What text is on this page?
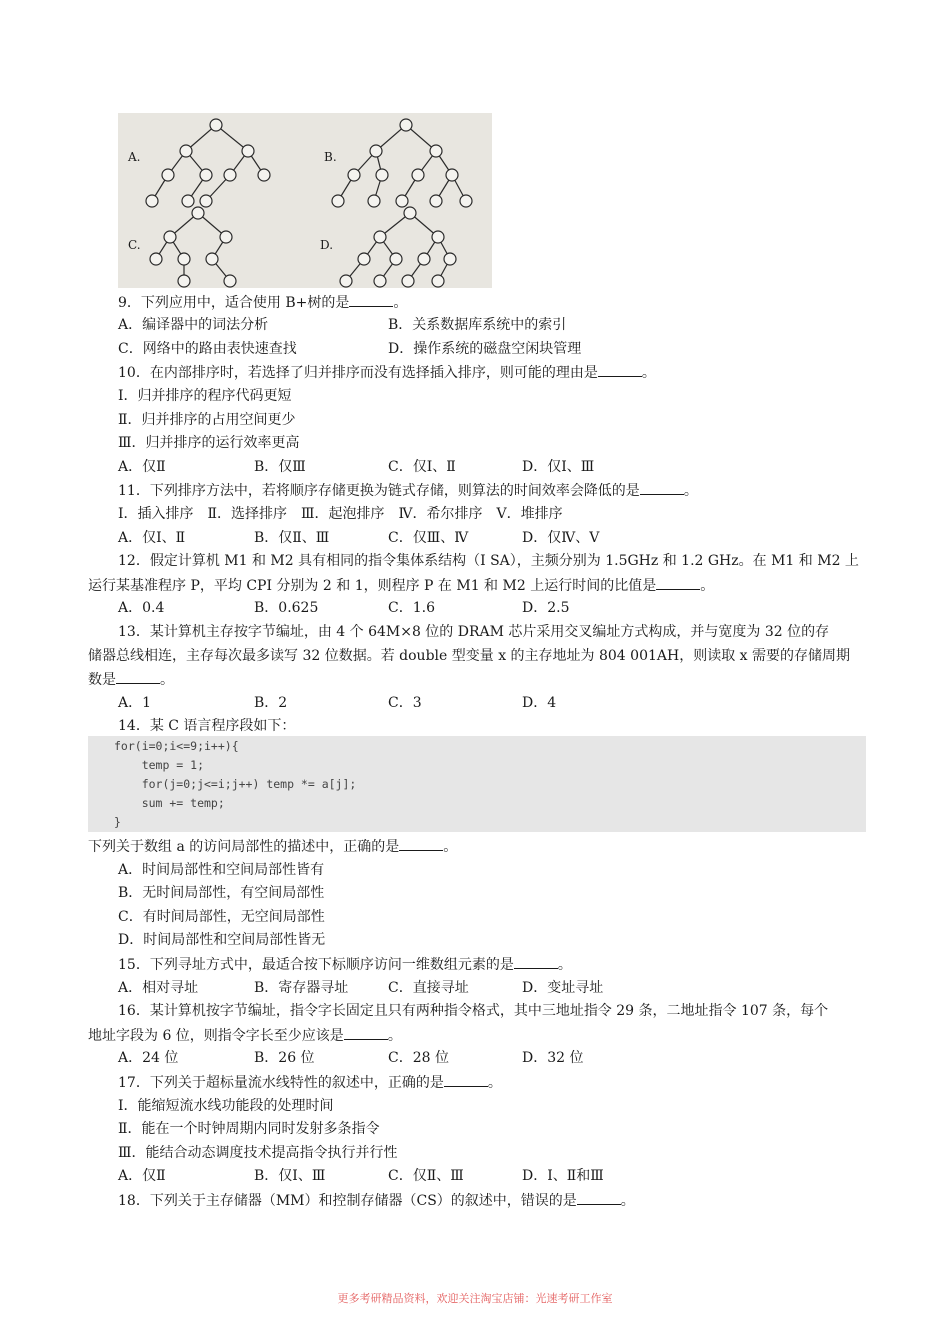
A.	B.
C.	D.
9．下列应用中，适合使用 B+树的是	。
A．编译器中的词法分析	B．关系数据库系统中的索引
C．网络中的路由表快速查找	D．操作系统的磁盘空闲块管理
10．在内部排序时，若选择了归并排序而没有选择插入排序，则可能的理由是	。
Ⅰ．归并排序的程序代码更短
Ⅱ．归并排序的占用空间更少
Ⅲ．归并排序的运行效率更高
A．仅Ⅱ	B．仅Ⅲ	C．仅Ⅰ、Ⅱ	D．仅Ⅰ、Ⅲ
11．下列排序方法中，若将顺序存储更换为链式存储，则算法的时间效率会降低的是	。
Ⅰ．插入排序　Ⅱ．选择排序　Ⅲ．起泡排序　Ⅳ．希尔排序　Ⅴ．堆排序
A．仅Ⅰ、Ⅱ	B．仅Ⅱ、Ⅲ	C．仅Ⅲ、Ⅳ	D．仅Ⅳ、Ⅴ
12．假定计算机 M1 和 M2 具有相同的指令集体系结构（I SA），主频分别为 1.5GHz 和 1.2 GHz。在 M1 和 M2 上
运行某基准程序 P，平均 CPI 分别为 2 和 1，则程序 P 在 M1 和 M2 上运行时间的比值是	。
A．0.4	B．0.625	C．1.6	D．2.5
13．某计算机主存按字节编址，由 4 个 64M×8 位的 DRAM 芯片采用交叉编址方式构成，并与宽度为 32 位的存
储器总线相连，主存每次最多读写 32 位数据。若 double 型变量 x 的主存地址为 804 001AH，则读取 x 需要的存储周期
数是	。
A．1	B．2	C．3	D．4
14．某 C 语言程序段如下：
for(i=0;i<=9;i++){
temp = 1;
for(j=0;j<=i;j++) temp *= a[j];
sum += temp;
}
下列关于数组 a 的访问局部性的描述中，正确的是	。
A．时间局部性和空间局部性皆有
B．无时间局部性，有空间局部性
C．有时间局部性，无空间局部性
D．时间局部性和空间局部性皆无
15．下列寻址方式中，最适合按下标顺序访问一维数组元素的是	。
A．相对寻址	B．寄存器寻址	C．直接寻址	D．变址寻址
16．某计算机按字节编址，指令字长固定且只有两种指令格式，其中三地址指令 29 条，二地址指令 107 条，每个
地址字段为 6 位，则指令字长至少应该是	。
A．24 位	B．26 位	C．28 位	D．32 位
17．下列关于超标量流水线特性的叙述中，正确的是	。
Ⅰ．能缩短流水线功能段的处理时间
Ⅱ．能在一个时钟周期内同时发射多条指令
Ⅲ．能结合动态调度技术提高指令执行并行性
A．仅Ⅱ	B．仅Ⅰ、Ⅲ	C．仅Ⅱ、Ⅲ	D．Ⅰ、Ⅱ和Ⅲ
18．下列关于主存储器（MM）和控制存储器（CS）的叙述中，错误的是	。
更多考研精品资料，欢迎关注淘宝店铺：光速考研工作室
